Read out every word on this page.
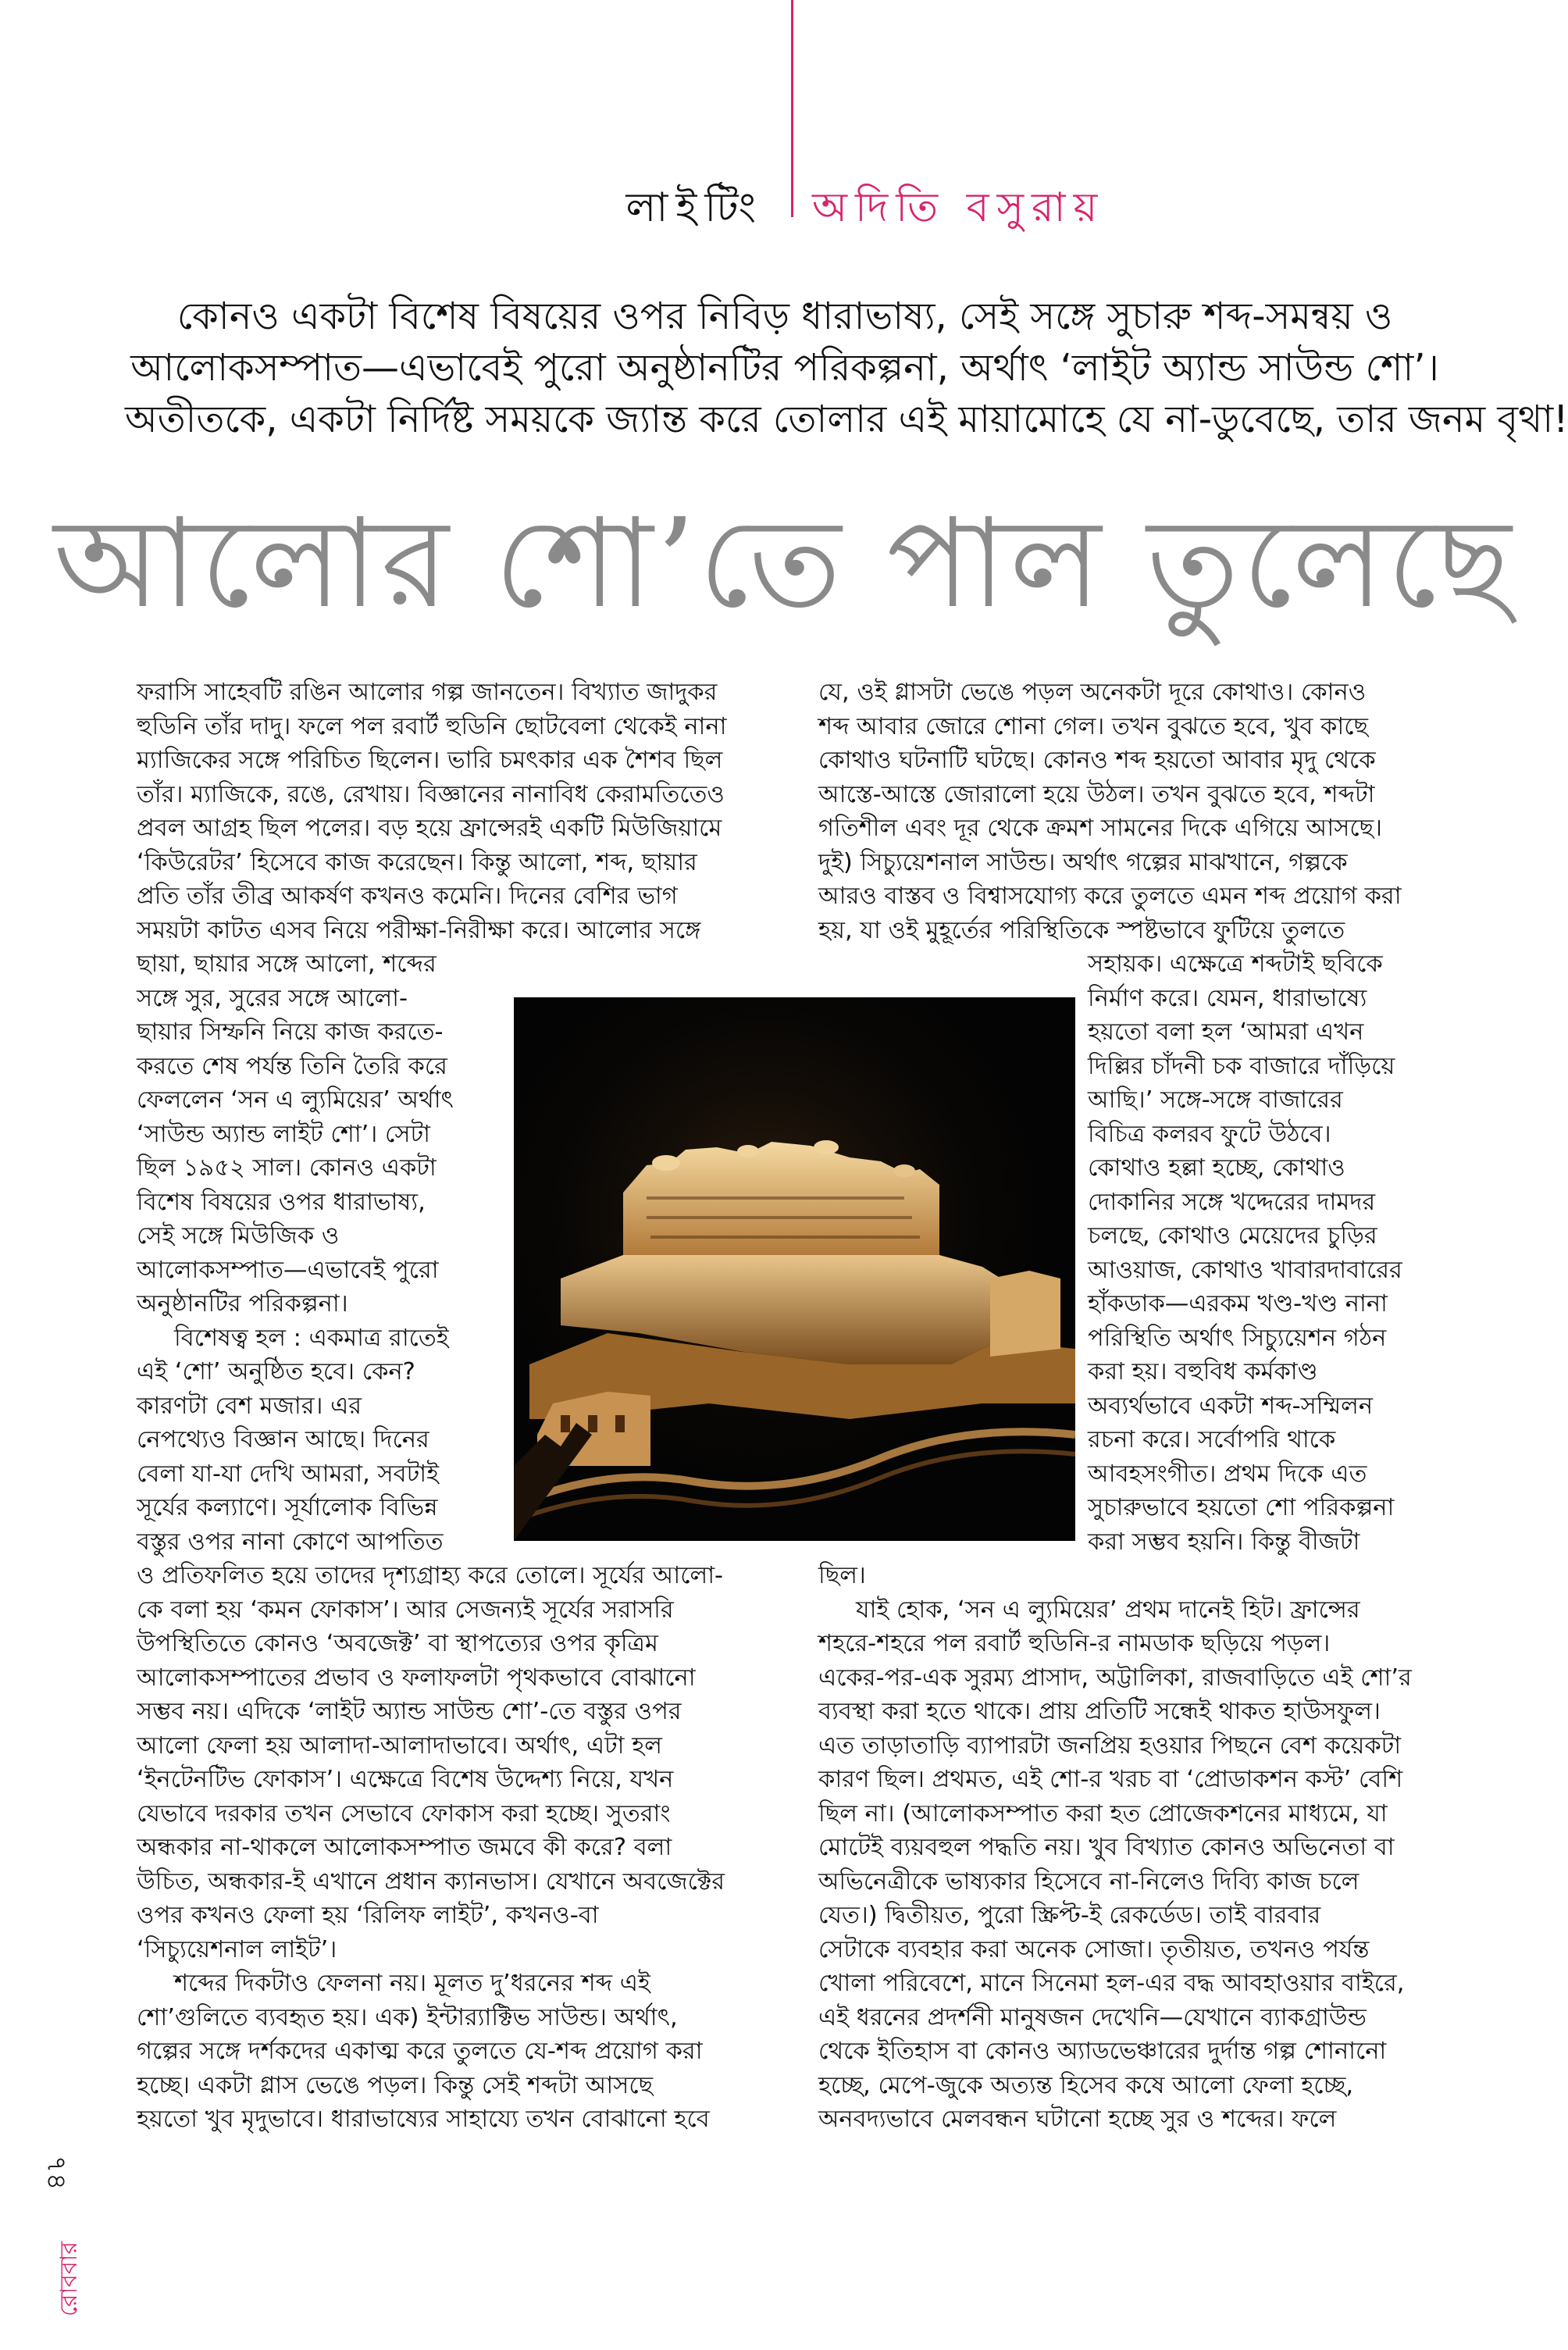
লাইটিং অদিতি বসুরায়

কোনও একটা বিশেষ বিষয়ের ওপর নিবিড় ধারাভাষ্য, সেই সঙ্গে সুচারু শব্দ-সমন্বয় ও

আলোকসম্পাত—এভাবেই পুরো অনুষ্ঠানটির পরিকল্পনা, অর্থাৎ ‘লাইট অ্যান্ড সাউন্ড শো’।

অতীতকে, একটা নির্দিষ্ট সময়কে জ্যান্ত করে তোলার এই মায়ামোহে যে না-ডুবেছে, তার জনম বৃথা!

আলোর শো’তে পাল তুলেছে

ফরাসি সাহেবটি রঙিন আলোর গল্প জানতেন। বিখ্যাত জাদুকর

হুডিনি তাঁর দাদু। ফলে পল রবার্ট হুডিনি ছোটবেলা থেকেই নানা

ম্যাজিকের সঙ্গে পরিচিত ছিলেন। ভারি চমৎকার এক শৈশব ছিল

তাঁর। ম্যাজিকে, রঙে, রেখায়। বিজ্ঞানের নানাবিধ কেরামতিতেও

প্রবল আগ্রহ ছিল পলের। বড় হয়ে ফ্রান্সেরই একটি মিউজিয়ামে

‘কিউরেটর’ হিসেবে কাজ করেছেন। কিন্তু আলো, শব্দ, ছায়ার

প্রতি তাঁর তীব্র আকর্ষণ কখনও কমেনি। দিনের বেশির ভাগ

সময়টা কাটত এসব নিয়ে পরীক্ষা-নিরীক্ষা করে। আলোর সঙ্গে

ছায়া, ছায়ার সঙ্গে আলো, শব্দের

সঙ্গে সুর, সুরের সঙ্গে আলো-

ছায়ার সিম্ফনি নিয়ে কাজ করতে-

করতে শেষ পর্যন্ত তিনি তৈরি করে

ফেললেন ‘সন এ ল্যুমিয়ের’ অর্থাৎ

‘সাউন্ড অ্যান্ড লাইট শো’। সেটা

ছিল ১৯৫২ সাল। কোনও একটা

বিশেষ বিষয়ের ওপর ধারাভাষ্য,

সেই সঙ্গে মিউজিক ও

আলোকসম্পাত—এভাবেই পুরো

অনুষ্ঠানটির পরিকল্পনা।

বিশেষত্ব হল : একমাত্র রাতেই

এই ‘শো’ অনুষ্ঠিত হবে। কেন?

কারণটা বেশ মজার। এর

নেপথ্যেও বিজ্ঞান আছে। দিনের

বেলা যা-যা দেখি আমরা, সবটাই

সূর্যের কল্যাণে। সূর্যালোক বিভিন্ন

বস্তুর ওপর নানা কোণে আপতিত

ও প্রতিফলিত হয়ে তাদের দৃশ্যগ্রাহ্য করে তোলে। সূর্যের আলো-

কে বলা হয় ‘কমন ফোকাস’। আর সেজন্যই সূর্যের সরাসরি

উপস্থিতিতে কোনও ‘অবজেক্ট’ বা স্থাপত্যের ওপর কৃত্রিম

আলোকসম্পাতের প্রভাব ও ফলাফলটা পৃথকভাবে বোঝানো

সম্ভব নয়। এদিকে ‘লাইট অ্যান্ড সাউন্ড শো’-তে বস্তুর ওপর

আলো ফেলা হয় আলাদা-আলাদাভাবে। অর্থাৎ, এটা হল

‘ইনটেনটিভ ফোকাস’। এক্ষেত্রে বিশেষ উদ্দেশ্য নিয়ে, যখন

যেভাবে দরকার তখন সেভাবে ফোকাস করা হচ্ছে। সুতরাং

অন্ধকার না-থাকলে আলোকসম্পাত জমবে কী করে? বলা

উচিত, অন্ধকার-ই এখানে প্রধান ক্যানভাস। যেখানে অবজেক্টের

ওপর কখনও ফেলা হয় ‘রিলিফ লাইট’, কখনও-বা

‘সিচ্যুয়েশনাল লাইট’।

শব্দের দিকটাও ফেলনা নয়। মূলত দু’ধরনের শব্দ এই

শো’গুলিতে ব্যবহৃত হয়। এক) ইন্টার‍্যাক্টিভ সাউন্ড। অর্থাৎ,

গল্পের সঙ্গে দর্শকদের একাত্ম করে তুলতে যে-শব্দ প্রয়োগ করা

হচ্ছে। একটা গ্লাস ভেঙে পড়ল। কিন্তু সেই শব্দটা আসছে

হয়তো খুব মৃদুভাবে। ধারাভাষ্যের সাহায্যে তখন বোঝানো হবে

যে, ওই গ্লাসটা ভেঙে পড়ল অনেকটা দূরে কোথাও। কোনও

শব্দ আবার জোরে শোনা গেল। তখন বুঝতে হবে, খুব কাছে

কোথাও ঘটনাটি ঘটছে। কোনও শব্দ হয়তো আবার মৃদু থেকে

আস্তে-আস্তে জোরালো হয়ে উঠল। তখন বুঝতে হবে, শব্দটা

গতিশীল এবং দূর থেকে ক্রমশ সামনের দিকে এগিয়ে আসছে।

দুই) সিচ্যুয়েশনাল সাউন্ড। অর্থাৎ গল্পের মাঝখানে, গল্পকে

আরও বাস্তব ও বিশ্বাসযোগ্য করে তুলতে এমন শব্দ প্রয়োগ করা

হয়, যা ওই মুহূর্তের পরিস্থিতিকে স্পষ্টভাবে ফুটিয়ে তুলতে

সহায়ক। এক্ষেত্রে শব্দটাই ছবিকে

নির্মাণ করে। যেমন, ধারাভাষ্যে

হয়তো বলা হল ‘আমরা এখন

দিল্লির চাঁদনী চক বাজারে দাঁড়িয়ে

আছি।’ সঙ্গে-সঙ্গে বাজারের

বিচিত্র কলরব ফুটে উঠবে।

কোথাও হল্লা হচ্ছে, কোথাও

দোকানির সঙ্গে খদ্দেরের দামদর

চলছে, কোথাও মেয়েদের চুড়ির

আওয়াজ, কোথাও খাবারদাবারের

হাঁকডাক—এরকম খণ্ড-খণ্ড নানা

পরিস্থিতি অর্থাৎ সিচ্যুয়েশন গঠন

করা হয়। বহুবিধ কর্মকাণ্ড

অব্যর্থভাবে একটা শব্দ-সম্মিলন

রচনা করে। সর্বোপরি থাকে

আবহসংগীত। প্রথম দিকে এত

সুচারুভাবে হয়তো শো পরিকল্পনা

করা সম্ভব হয়নি। কিন্তু বীজটা

ছিল।

যাই হোক, ‘সন এ ল্যুমিয়ের’ প্রথম দানেই হিট। ফ্রান্সের

শহরে-শহরে পল রবার্ট হুডিনি-র নামডাক ছড়িয়ে পড়ল।

একের-পর-এক সুরম্য প্রাসাদ, অট্টালিকা, রাজবাড়িতে এই শো’র

ব্যবস্থা করা হতে থাকে। প্রায় প্রতিটি সন্ধেই থাকত হাউসফুল।

এত তাড়াতাড়ি ব্যাপারটা জনপ্রিয় হওয়ার পিছনে বেশ কয়েকটা

কারণ ছিল। প্রথমত, এই শো-র খরচ বা ‘প্রোডাকশন কস্ট’ বেশি

ছিল না। (আলোকসম্পাত করা হত প্রোজেকশনের মাধ্যমে, যা

মোটেই ব্যয়বহুল পদ্ধতি নয়। খুব বিখ্যাত কোনও অভিনেতা বা

অভিনেত্রীকে ভাষ্যকার হিসেবে না-নিলেও দিব্যি কাজ চলে

যেত।) দ্বিতীয়ত, পুরো স্ক্রিপ্ট-ই রেকর্ডেড। তাই বারবার

সেটাকে ব্যবহার করা অনেক সোজা। তৃতীয়ত, তখনও পর্যন্ত

খোলা পরিবেশে, মানে সিনেমা হল-এর বদ্ধ আবহাওয়ার বাইরে,

এই ধরনের প্রদর্শনী মানুষজন দেখেনি—যেখানে ব্যাকগ্রাউন্ড

থেকে ইতিহাস বা কোনও অ্যাডভেঞ্চারের দুর্দান্ত গল্প শোনানো

হচ্ছে, মেপে-জুকে অত্যন্ত হিসেব কষে আলো ফেলা হচ্ছে,

অনবদ্যভাবে মেলবন্ধন ঘটানো হচ্ছে সুর ও শব্দের। ফলে

৭৪
রোববার
